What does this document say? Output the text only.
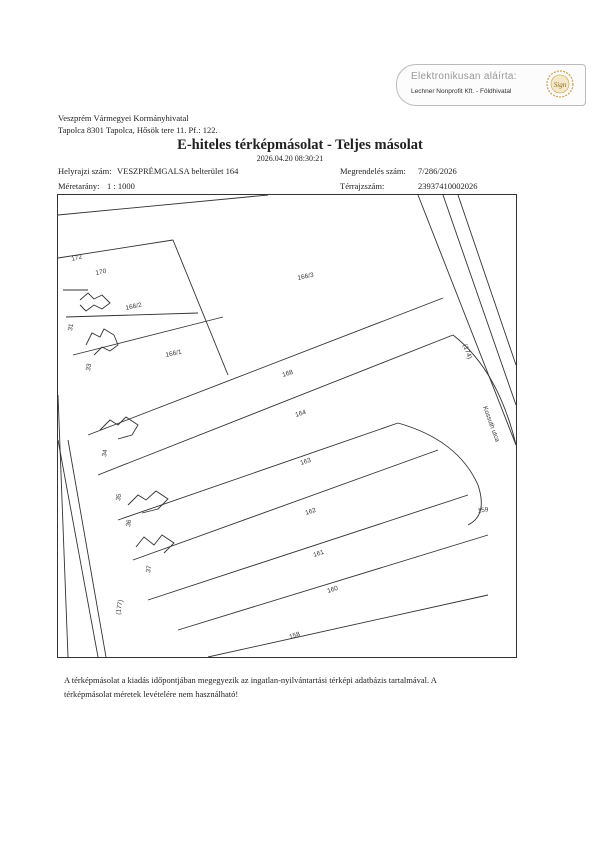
Elektronikusan aláírta:
Lechner Nonprofit Kft. - Földhivatal
Sign
Veszprém Vármegyei Kormányhivatal
Tapolca 8301 Tapolca, Hősök tere 11. Pf.: 122.
E-hiteles térképmásolat - Teljes másolat
2026.04.20 08:30:21
Helyrajzi szám: VESZPRÉMGALSA belterület 164
Méretarány: 1 : 1000
Megrendelés szám: 7/286/2026
Térrajzszám:	23937410002026
172
170	166/3
166/2
31
166/1
33
168
(174)
164
34
Kossuth utca
163
35
36
162	159
37
161
160
(177)
158
A térképmásolat a kiadás időpontjában megegyezik az ingatlan-nyilvántartási térképi adatbázis tartalmával. A
térképmásolat méretek levételére nem használható!
